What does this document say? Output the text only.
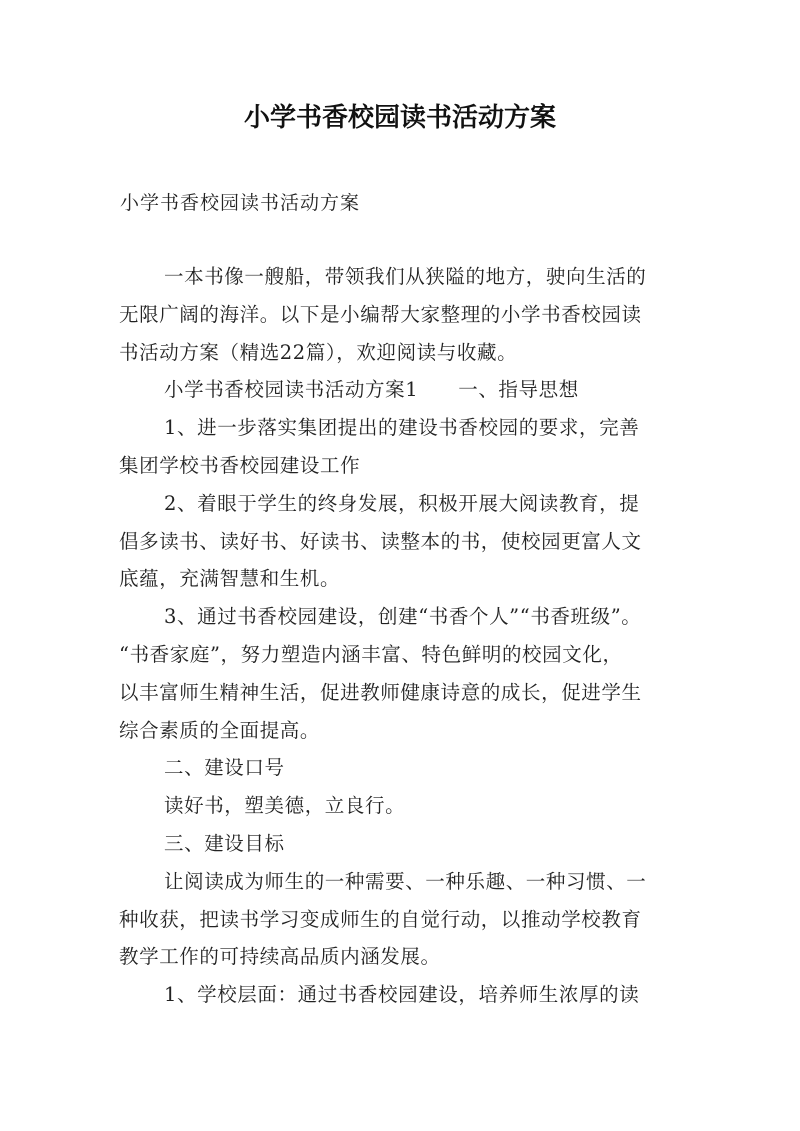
小学书香校园读书活动方案
小学书香校园读书活动方案
一本书像一艘船，带领我们从狭隘的地方，驶向生活的
无限广阔的海洋。以下是小编帮大家整理的小学书香校园读
书活动方案（精选22篇），欢迎阅读与收藏。
小学书香校园读书活动方案1 一、指导思想
1、进一步落实集团提出的建设书香校园的要求，完善
集团学校书香校园建设工作
2、着眼于学生的终身发展，积极开展大阅读教育，提
倡多读书、读好书、好读书、读整本的书，使校园更富人文
底蕴，充满智慧和生机。
3、通过书香校园建设，创建“书香个人”“书香班级”。
“书香家庭”，努力塑造内涵丰富、特色鲜明的校园文化，
以丰富师生精神生活，促进教师健康诗意的成长，促进学生
综合素质的全面提高。
二、建设口号
读好书，塑美德，立良行。
三、建设目标
让阅读成为师生的一种需要、一种乐趣、一种习惯、一
种收获，把读书学习变成师生的自觉行动，以推动学校教育
教学工作的可持续高品质内涵发展。
1、学校层面：通过书香校园建设，培养师生浓厚的读
